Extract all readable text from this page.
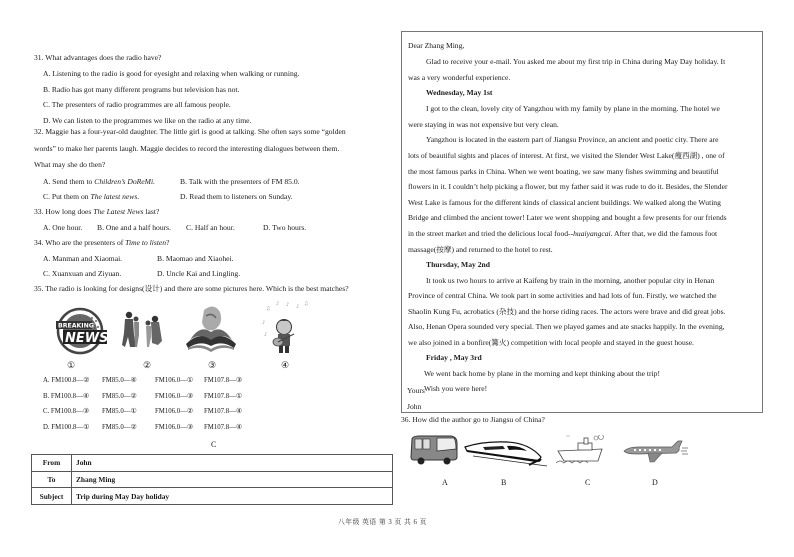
31. What advantages does the radio have?
A. Listening to the radio is good for eyesight and relaxing when walking or running.
B. Radio has got many different programs but television has not.
C. The presenters of radio programmes are all famous people.
D. We can listen to the programmes we like on the radio at any time.
32. Maggie has a four-year-old daughter. The little girl is good at talking. She often says some “golden
words” to make her parents laugh. Maggie decides to record the interesting dialogues between them.
What may she do then?
A. Send them to Children’s DoReMi.	B. Talk with the presenters of FM 85.0.
C. Put them on The latest news.	D. Read them to listeners on Sunday.
33. How long does The Latest News last?
A. One hour. B. One and a half hours. C. Half an hour.	D. Two hours.
34. Who are the presenters of Time to listen?
A. Manman and Xiaomai.	B. Maomao and Xiaohei.
C. Xuanxuan and Ziyuan.	D. Uncle Kai and Lingling.
35. The radio is looking for designs(设计) and there are some pictures here. Which is the best matches?
BREAKING
NEWS
♪
♫
♪ ♪ ♪ ♫
♪
①	②	③	④
A. FM100.8—② FM85.0—④	FM106.0—① FM107.8—③
B. FM100.8—④ FM85.0—②	FM106.0—③ FM107.8—①
C. FM100.8—③ FM85.0—①	FM106.0—② FM107.8—④
D. FM100.8—① FM85.0—②	FM106.0—③ FM107.8—④
C
From	John
To	Zhang Ming
Subject	Trip during May Day holiday
Dear Zhang Ming,
Glad to receive your e-mail. You asked me about my first trip in China during May Day holiday. It
was a very wonderful experience.
Wednesday, May 1st
I got to the clean, lovely city of Yangzhou with my family by plane in the morning. The hotel we
were staying in was not expensive but very clean.
Yangzhou is located in the eastern part of Jiangsu Province, an ancient and poetic city. There are
lots of beautiful sights and places of interest. At first, we visited the Slender West Lake(瘦西湖) , one of
the most famous parks in China. When we went boating, we saw many fishes swimming and beautiful
flowers in it. I couldn’t help picking a flower, but my father said it was rude to do it. Besides, the Slender
West Lake is famous for the different kinds of classical ancient buildings. We walked along the Wuting
Bridge and climbed the ancient tower! Later we went shopping and bought a few presents for our friends
in the street market and tried the delicious local food--huaiyangcai. After that, we did the famous foot
massage(按摩) and returned to the hotel to rest.
Thursday, May 2nd
It took us two hours to arrive at Kaifeng by train in the morning, another popular city in Henan
Province of central China. We took part in some activities and had lots of fun. Firstly, we watched the
Shaolin Kung Fu, acrobatics (杂技) and the horse riding races. The actors were brave and did great jobs.
Also, Henan Opera sounded very special. Then we played games and ate snacks happily. In the evening,
we also joined in a bonfire(篝火) competition with local people and stayed in the guest house.
Friday , May 3rd
We went back home by plane in the morning and kept thinking about the trip!
Wish you were here!
Yours
John
36. How did the author go to Jiangsu of China?
A	B	C	D
八年级 英语 第 3 页 共 6 页
